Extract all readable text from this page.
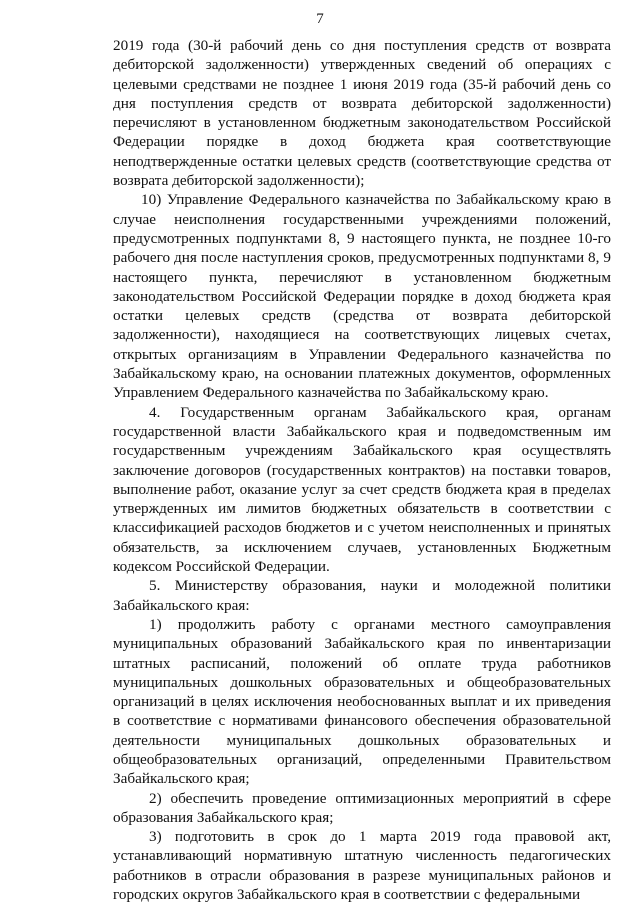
7

2019 года (30-й рабочий день со дня поступления средств от возврата дебиторской задолженности) утвержденных сведений об операциях с целевыми средствами не позднее 1 июня 2019 года (35-й рабочий день со дня поступления средств от возврата дебиторской задолженности) перечисляют в установленном бюджетным законодательством Российской Федерации порядке в доход бюджета края соответствующие неподтвержденные остатки целевых средств (соответствующие средства от возврата дебиторской задолженности);

10) Управление Федерального казначейства по Забайкальскому краю в случае неисполнения государственными учреждениями положений, предусмотренных подпунктами 8, 9 настоящего пункта, не позднее 10-го рабочего дня после наступления сроков, предусмотренных подпунктами 8, 9 настоящего пункта, перечисляют в установленном бюджетным законодательством Российской Федерации порядке в доход бюджета края остатки целевых средств (средства от возврата дебиторской задолженности), находящиеся на соответствующих лицевых счетах, открытых организациям в Управлении Федерального казначейства по Забайкальскому краю, на основании платежных документов, оформленных Управлением Федерального казначейства по Забайкальскому краю.

4. Государственным органам Забайкальского края, органам государственной власти Забайкальского края и подведомственным им государственным учреждениям Забайкальского края осуществлять заключение договоров (государственных контрактов) на поставки товаров, выполнение работ, оказание услуг за счет средств бюджета края в пределах утвержденных им лимитов бюджетных обязательств в соответствии с классификацией расходов бюджетов и с учетом неисполненных и принятых обязательств, за исключением случаев, установленных Бюджетным кодексом Российской Федерации.

5. Министерству образования, науки и молодежной политики Забайкальского края:

1) продолжить работу с органами местного самоуправления муниципальных образований Забайкальского края по инвентаризации штатных расписаний, положений об оплате труда работников муниципальных дошкольных образовательных и общеобразовательных организаций в целях исключения необоснованных выплат и их приведения в соответствие с нормативами финансового обеспечения образовательной деятельности муниципальных дошкольных образовательных и общеобразовательных организаций, определенными Правительством Забайкальского края;

2) обеспечить проведение оптимизационных мероприятий в сфере образования Забайкальского края;

3) подготовить в срок до 1 марта 2019 года правовой акт, устанавливающий нормативную штатную численность педагогических работников в отрасли образования в разрезе муниципальных районов и городских округов Забайкальского края в соответствии с федеральными
